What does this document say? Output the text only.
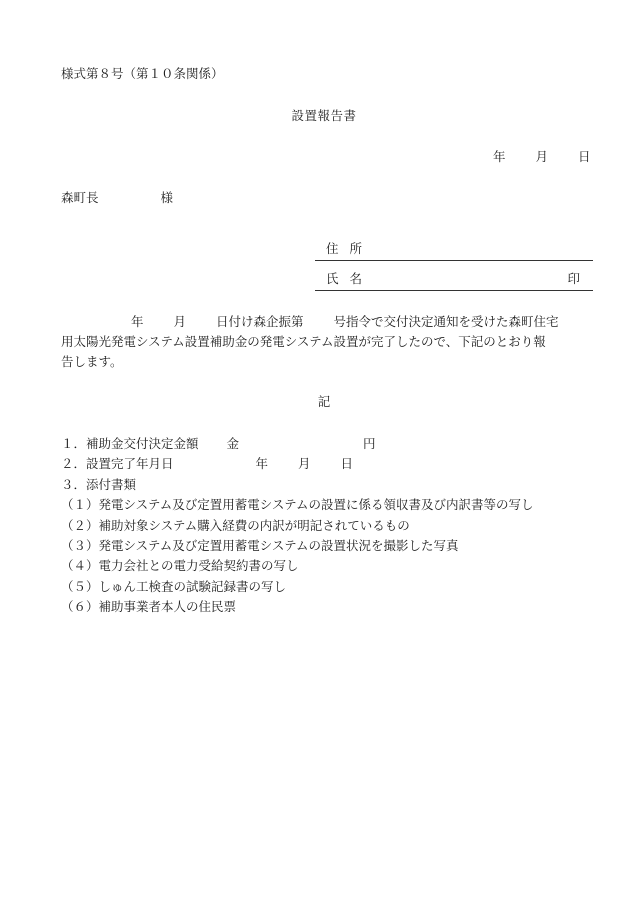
様式第８号（第１０条関係）
設置報告書
年 月 日
森町長	様
住所
氏名	印

年 月 日付け森企振第 号指令で交付決定通知を受けた森町住宅

用太陽光発電システム設置補助金の発電システム設置が完了したので、下記のとおり報

告します。

記
１．補助金交付決定金額 金	円
２．設置完了年月日	年 月 日
３．添付書類
（１）発電システム及び定置用蓄電システムの設置に係る領収書及び内訳書等の写し
（２）補助対象システム購入経費の内訳が明記されているもの
（３）発電システム及び定置用蓄電システムの設置状況を撮影した写真
（４）電力会社との電力受給契約書の写し
（５）しゅん工検査の試験記録書の写し
（６）補助事業者本人の住民票
